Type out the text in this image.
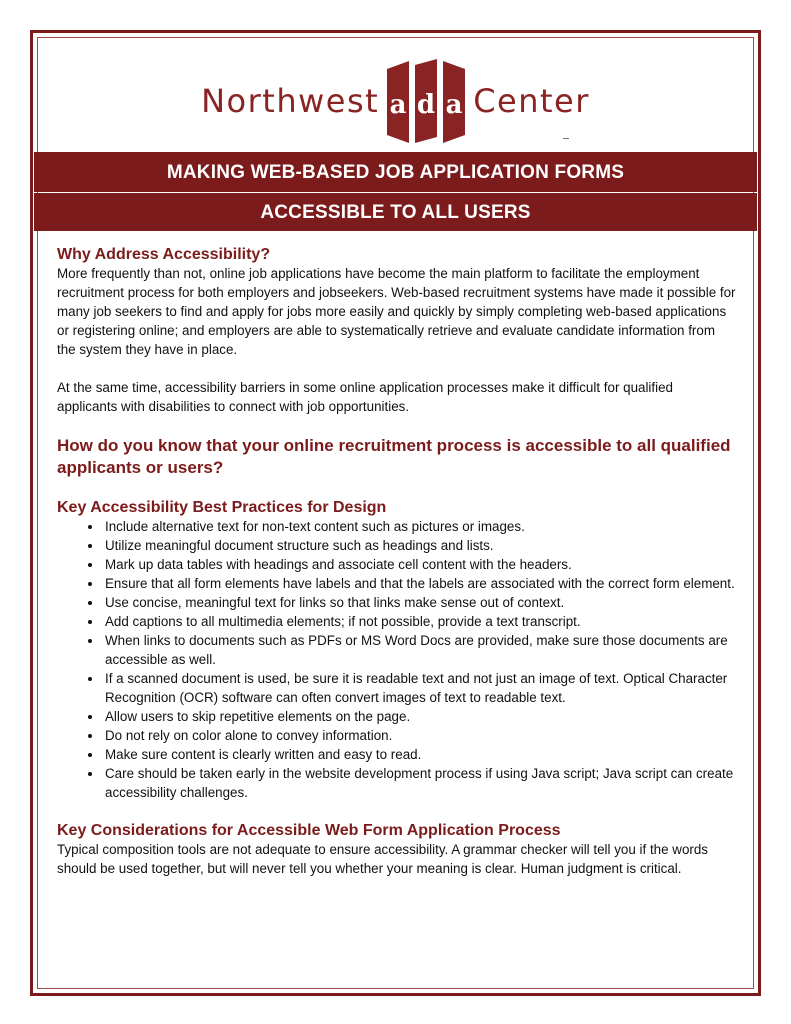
Northwest a d a Center
MAKING WEB-BASED JOB APPLICATION FORMS
ACCESSIBLE TO ALL USERS
Why Address Accessibility?

More frequently than not, online job applications have become the main platform to facilitate the employment recruitment process for both employers and jobseekers. Web-based recruitment systems have made it possible for many job seekers to find and apply for jobs more easily and quickly by simply completing web-based applications or registering online; and employers are able to systematically retrieve and evaluate candidate information from the system they have in place.

At the same time, accessibility barriers in some online application processes make it difficult for qualified applicants with disabilities to connect with job opportunities.

How do you know that your online recruitment process is accessible to all qualified applicants or users?
Key Accessibility Best Practices for Design
• Include alternative text for non-text content such as pictures or images.
• Utilize meaningful document structure such as headings and lists.
• Mark up data tables with headings and associate cell content with the headers.
• Ensure that all form elements have labels and that the labels are associated with the correct form element.
• Use concise, meaningful text for links so that links make sense out of context.
• Add captions to all multimedia elements; if not possible, provide a text transcript.
• When links to documents such as PDFs or MS Word Docs are provided, make sure those documents are accessible as well.
• If a scanned document is used, be sure it is readable text and not just an image of text. Optical Character Recognition (OCR) software can often convert images of text to readable text.
• Allow users to skip repetitive elements on the page.
• Do not rely on color alone to convey information.
• Make sure content is clearly written and easy to read.
• Care should be taken early in the website development process if using Java script; Java script can create accessibility challenges.
Key Considerations for Accessible Web Form Application Process

Typical composition tools are not adequate to ensure accessibility. A grammar checker will tell you if the words should be used together, but will never tell you whether your meaning is clear. Human judgment is critical.
